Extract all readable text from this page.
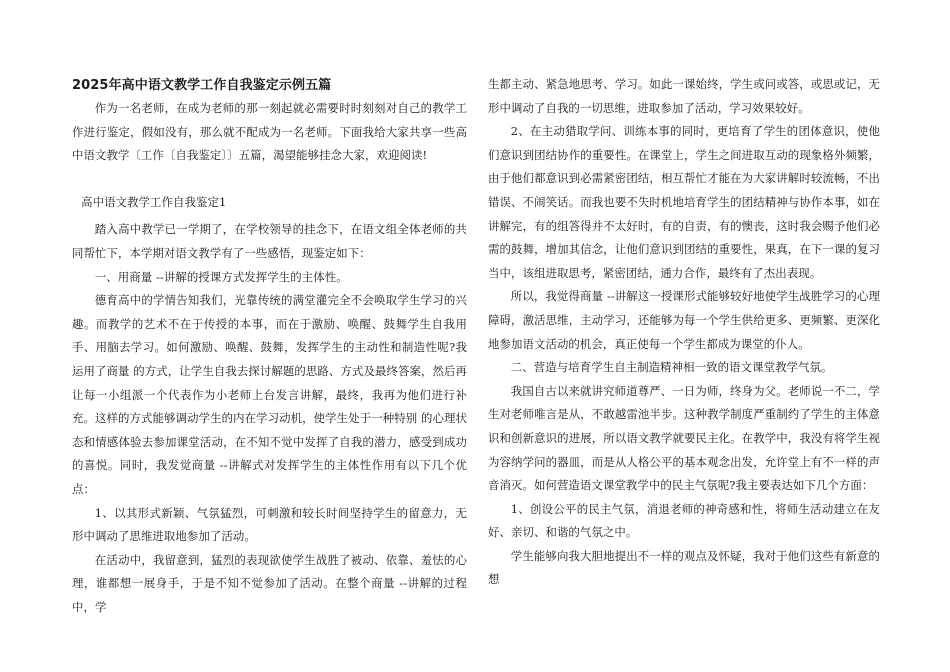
2025年高中语文教学工作自我鉴定示例五篇

作为一名老师，在成为老师的那一刻起就必需要时时刻刻对自己的教学工作进行鉴定，假如没有，那么就不配成为一名老师。下面我给大家共享一些高中语文教学〔工作〔自我鉴定〕〕五篇，渴望能够挂念大家，欢迎阅读!

高中语文教学工作自我鉴定1

踏入高中教学已一学期了，在学校领导的挂念下，在语文组全体老师的共同帮忙下，本学期对语文教学有了一些感悟，现鉴定如下：

一、用商量 --讲解的授课方式发挥学生的主体性。

德育高中的学情告知我们，光靠传统的满堂灌完全不会唤取学生学习的兴趣。而教学的艺术不在于传授的本事，而在于激励、唤醒、鼓舞学生自我用手、用脑去学习。如何激励、唤醒、鼓舞，发挥学生的主动性和制造性呢?我运用了商量 的方式，让学生自我去探讨解题的思路、方式及最终答案，然后再让每一小组派一个代表作为小老师上台发言讲解，最终，我再为他们进行补充。这样的方式能够调动学生的内在学习动机，使学生处于一种特别 的心理状态和情感体验去参加课堂活动，在不知不觉中发挥了自我的潜力，感受到成功的喜悦。同时，我发觉商量 --讲解式对发挥学生的主体性作用有以下几个优点：

1、以其形式新颖、气氛猛烈，可刺激和较长时间坚持学生的留意力，无形中调动了思维进取地参加了活动。

在活动中，我留意到，猛烈的表现欲使学生战胜了被动、依靠、羞怯的心理，谁都想一展身手，于是不知不觉参加了活动。在整个商量 --讲解的过程中，学

生都主动、紧急地思考、学习。如此一课始终，学生或问或答，或思或记，无形中调动了自我的一切思维，进取参加了活动，学习效果较好。

2、在主动猎取学问、训练本事的同时，更培育了学生的团体意识，使他们意识到团结协作的重要性。在课堂上，学生之间进取互动的现象格外频繁，由于他们都意识到必需紧密团结，相互帮忙才能在为大家讲解时较流畅，不出错误、不闹笑话。而我也要不失时机地培育学生的团结精神与协作本事，如在讲解完，有的组答得并不太好时，有的自责，有的懊丧，这时我会赐予他们必需的鼓舞，增加其信念，让他们意识到团结的重要性，果真，在下一课的复习当中，该组进取思考，紧密团结，通力合作，最终有了杰出表现。

所以，我觉得商量 --讲解这一授课形式能够较好地使学生战胜学习的心理障碍，激活思维，主动学习，还能够为每一个学生供给更多、更频繁、更深化地参加语文活动的机会，真正使每一个学生都成为课堂的仆人。

二、营造与培育学生自主制造精神相一致的语文课堂教学气氛。

我国自古以来就讲究师道尊严、一日为师，终身为父。老师说一不二，学生对老师唯言是从，不敢越雷池半步。这种教学制度严重制约了学生的主体意识和创新意识的进展，所以语文教学就要民主化。在教学中，我没有将学生视为容纳学问的器皿，而是从人格公平的基本观念出发，允许堂上有不一样的声音消灭。如何营造语文课堂教学中的民主气氛呢?我主要表达如下几个方面：

1、创设公平的民主气氛，消退老师的神奇感和性，将师生活动建立在友好、亲切、和谐的气氛之中。

学生能够向我大胆地提出不一样的观点及怀疑，我对于他们这些有新意的想
